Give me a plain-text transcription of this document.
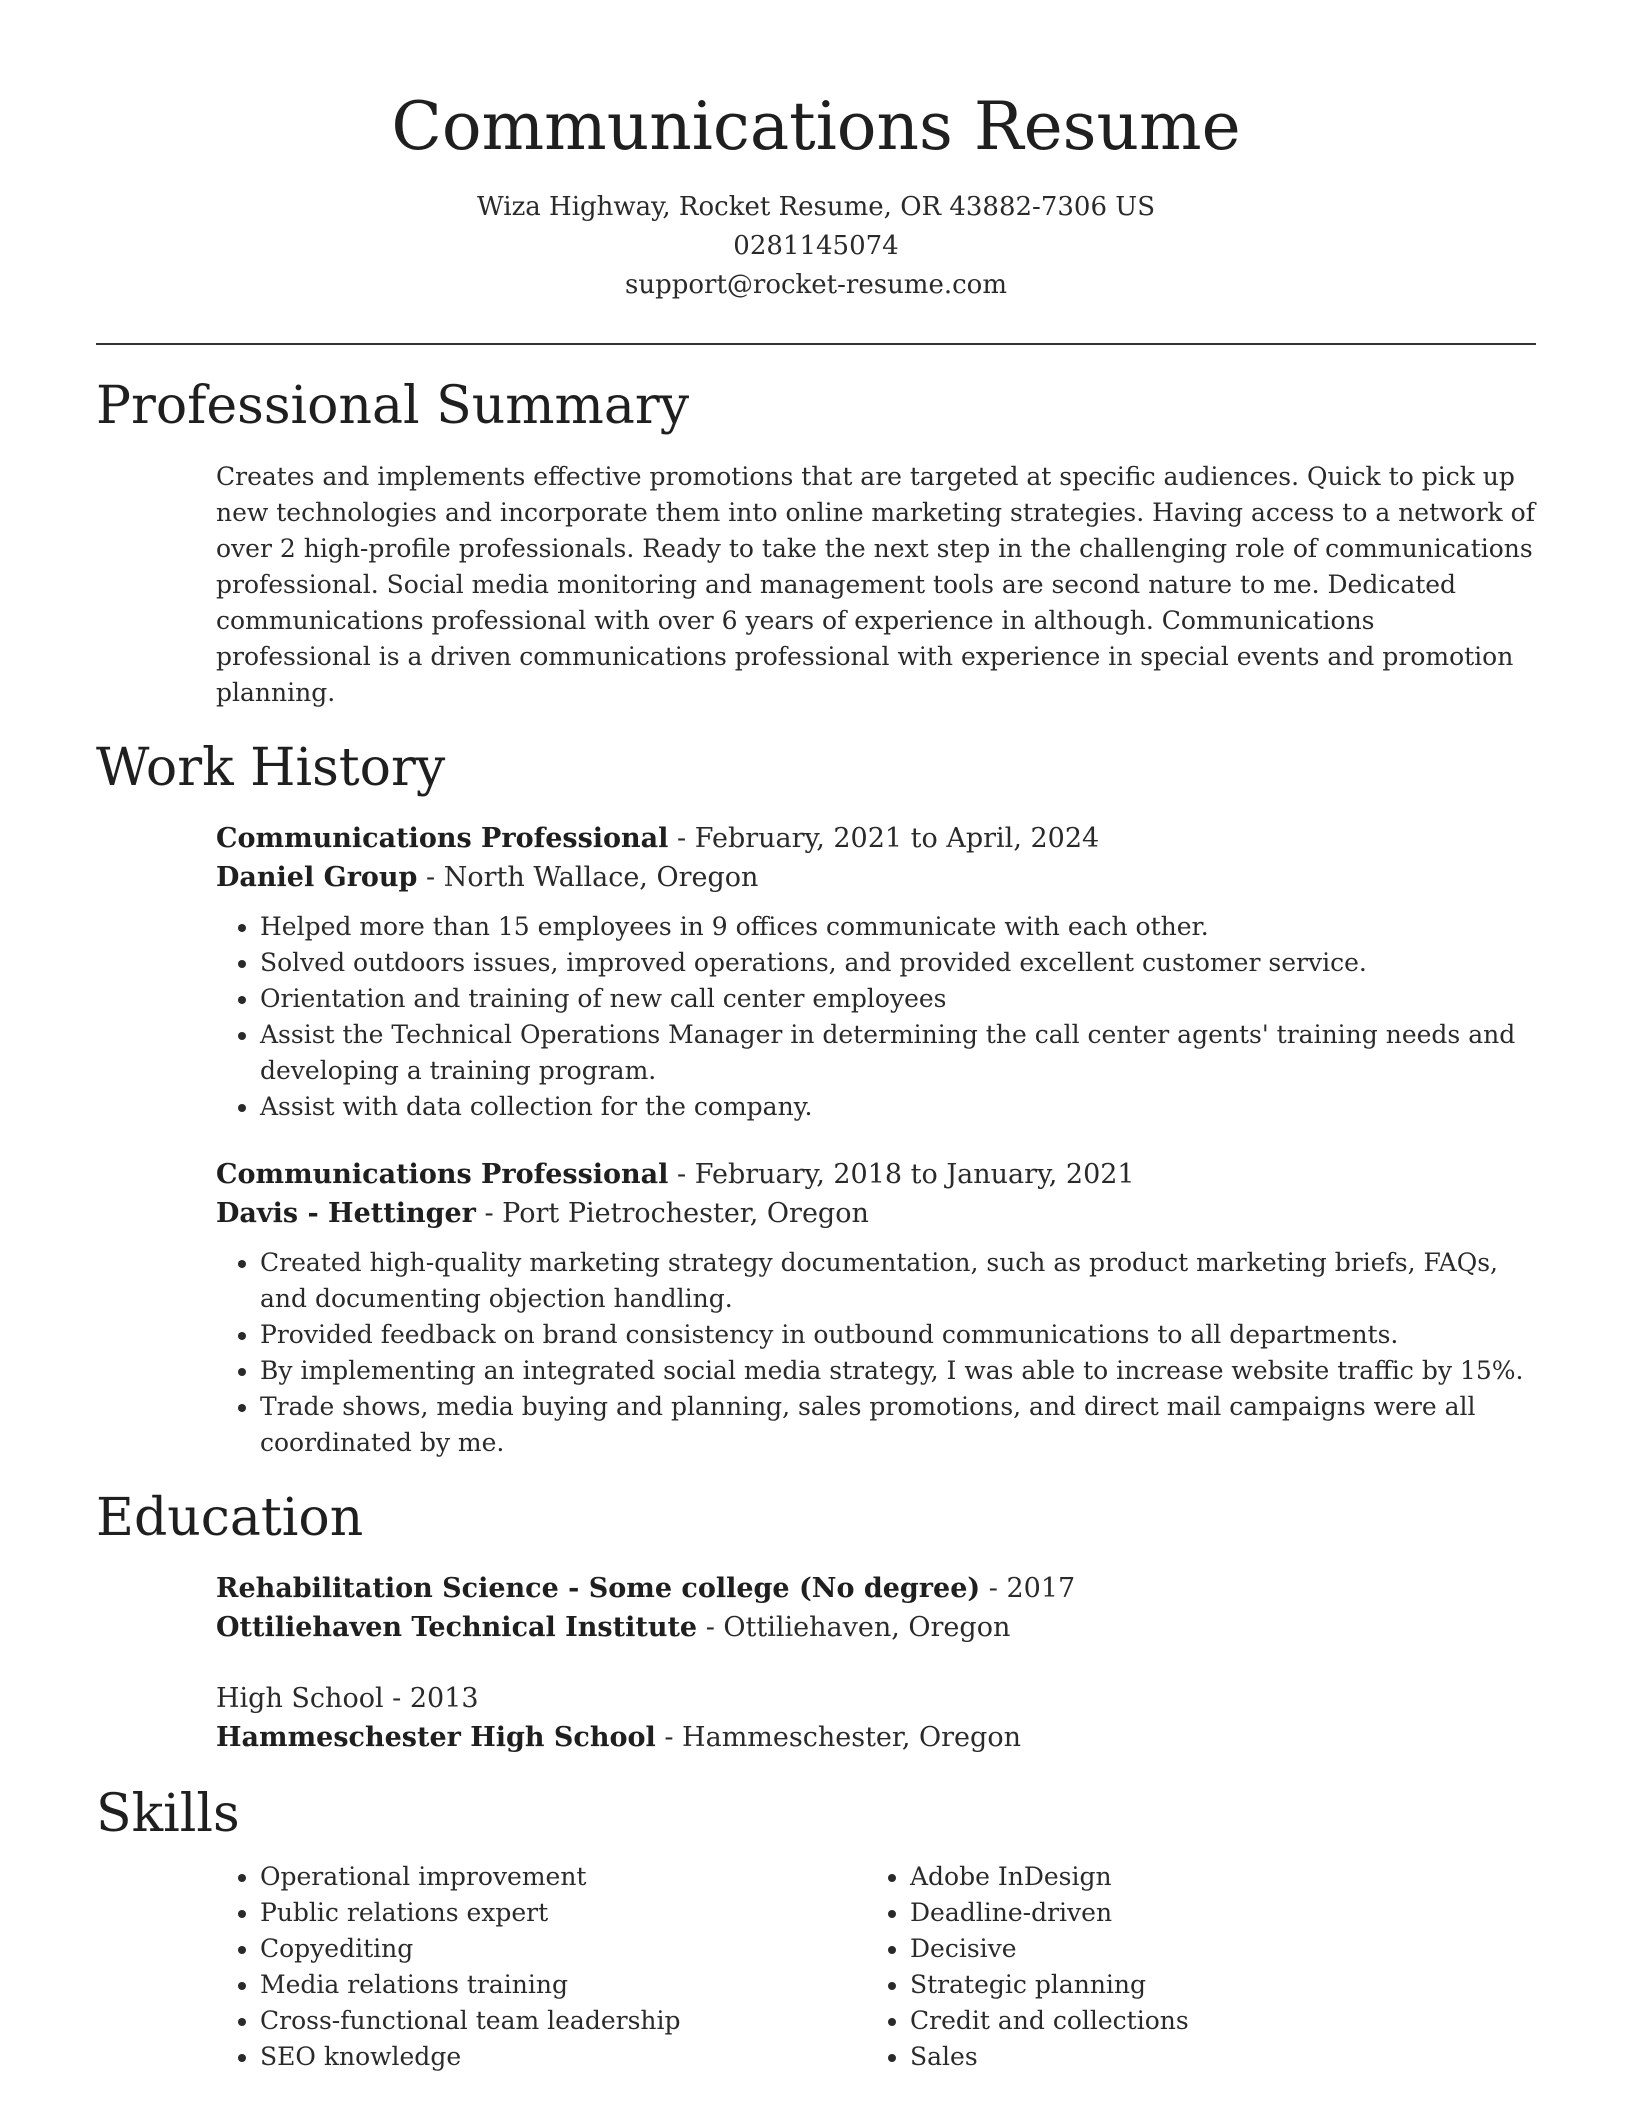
Communications Resume
Wiza Highway, Rocket Resume, OR 43882-7306 US
0281145074
support@rocket-resume.com
Professional Summary
Creates and implements effective promotions that are targeted at specific audiences. Quick to pick up new technologies and incorporate them into online marketing strategies. Having access to a network of over 2 high-profile professionals. Ready to take the next step in the challenging role of communications professional. Social media monitoring and management tools are second nature to me. Dedicated communications professional with over 6 years of experience in although. Communications professional is a driven communications professional with experience in special events and promotion planning.
Work History
Communications Professional - February, 2021 to April, 2024
Daniel Group - North Wallace, Oregon
• Helped more than 15 employees in 9 offices communicate with each other.
• Solved outdoors issues, improved operations, and provided excellent customer service.
• Orientation and training of new call center employees
• Assist the Technical Operations Manager in determining the call center agents' training needs and developing a training program.
• Assist with data collection for the company.
Communications Professional - February, 2018 to January, 2021
Davis - Hettinger - Port Pietrochester, Oregon
• Created high-quality marketing strategy documentation, such as product marketing briefs, FAQs, and documenting objection handling.
• Provided feedback on brand consistency in outbound communications to all departments.
• By implementing an integrated social media strategy, I was able to increase website traffic by 15%.
• Trade shows, media buying and planning, sales promotions, and direct mail campaigns were all coordinated by me.
Education
Rehabilitation Science - Some college (No degree) - 2017
Ottiliehaven Technical Institute - Ottiliehaven, Oregon
High School - 2013
Hammeschester High School - Hammeschester, Oregon
Skills
• Operational improvement
• Public relations expert
• Copyediting
• Media relations training
• Cross-functional team leadership
• SEO knowledge
• Adobe InDesign
• Deadline-driven
• Decisive
• Strategic planning
• Credit and collections
• Sales
